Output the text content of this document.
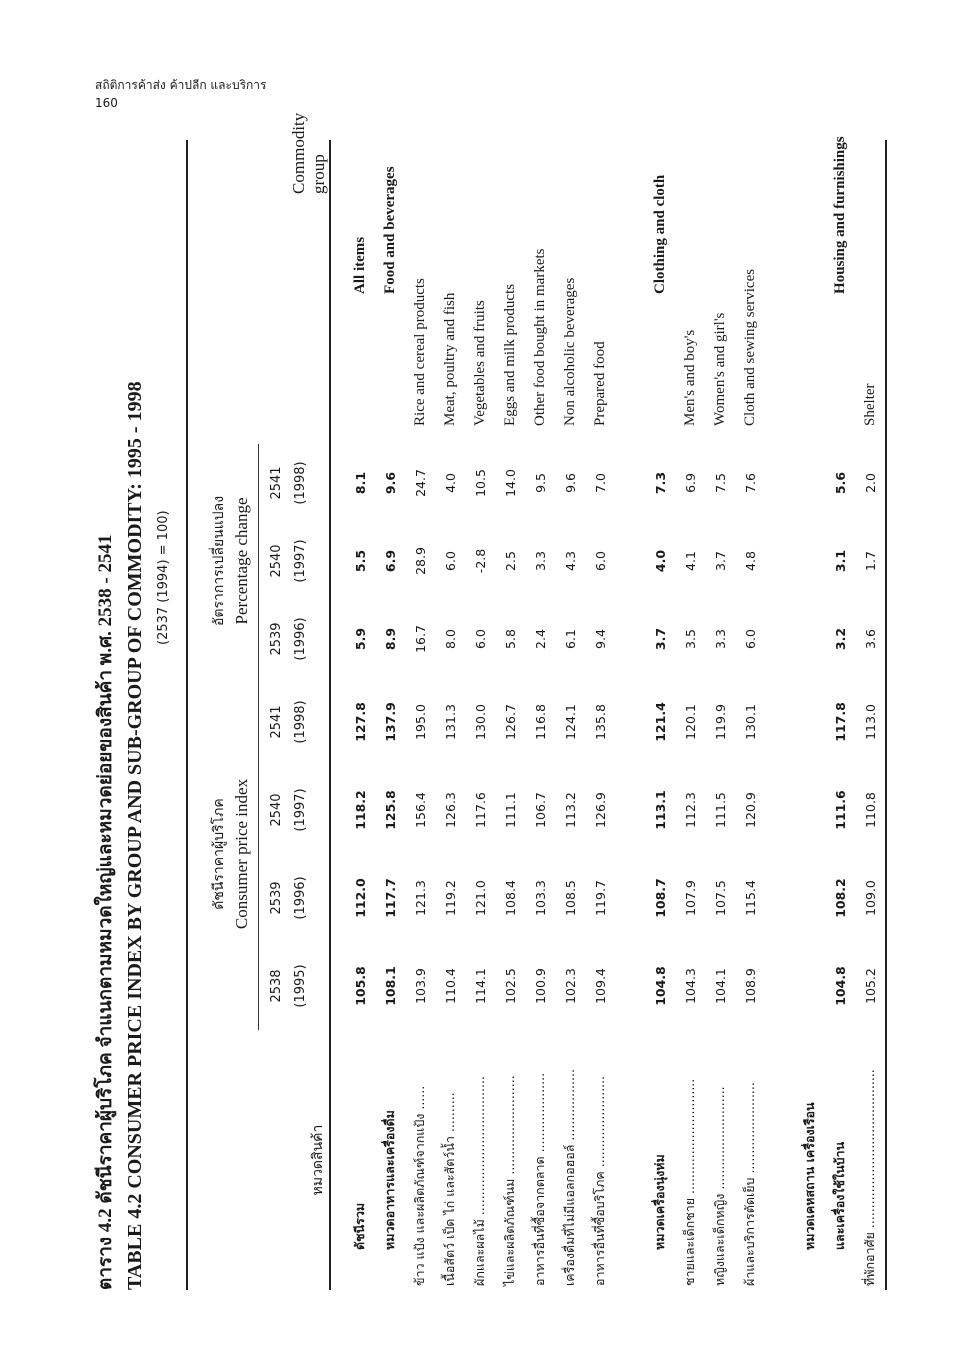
สถิติการค้าส่ง ค้าปลีก และบริการ
160
ตาราง 4.2 ดัชนีราคาผู้บริโภค จำแนกตามหมวดใหญ่และหมวดย่อยของสินค้า พ.ศ. 2538 - 2541 TABLE 4.2 CONSUMER PRICE INDEX BY GROUP AND SUB-GROUP OF COMMODITY: 1995 - 1998 (2537 (1994) = 100)
หมวดสินค้า	ดัชนีราคาผู้บริโภค Consumer price index				อัตราการเปลี่ยนแปลง Percentage change			Commodity group
	2538	2539	2540	2541	2539	2540	2541	
	(1995)	(1996)	(1997)	(1998)	(1996)	(1997)	(1998)	

ดัชนีรวม	105.8	112.0	118.2	127.8	5.9	5.5	8.1	All items
หมวดอาหารและเครื่องดื่ม	108.1	117.7	125.8	137.9	8.9	6.9	9.6	Food and beverages
ข้าว แป้ง และผลิตภัณฑ์จากแป้ง ......	103.9	121.3	156.4	195.0	16.7	28.9	24.7	Rice and cereal products
เนื้อสัตว์ เป็ด ไก่ และสัตว์น้ำ ..........	110.4	119.2	126.3	131.3	8.0	6.0	4.0	Meat, poultry and fish
ผักและผลไม้ ...................................	114.1	121.0	117.6	130.0	6.0	-2.8	10.5	Vegetables and fruits
ไข่และผลิตภัณฑ์นม .........................	102.5	108.4	111.1	126.7	5.8	2.5	14.0	Eggs and milk products
อาหารอื่นที่ซื้อจากตลาด ....................	100.9	103.3	106.7	116.8	2.4	3.3	9.5	Other food bought in markets
เครื่องดื่มที่ไม่มีแอลกอฮอล์ ..................	102.3	108.5	113.2	124.1	6.1	4.3	9.6	Non alcoholic beverages
อาหารอื่นที่ซื้อบริโภค .......................	109.4	119.7	126.9	135.8	9.4	6.0	7.0	Prepared food

หมวดเครื่องนุ่งห่ม	104.8	108.7	113.1	121.4	3.7	4.0	7.3	Clothing and cloth
ชายและเด็กชาย .............................	104.3	107.9	112.3	120.1	3.5	4.1	6.9	Men's and boy's
หญิงและเด็กหญิง ..........................	104.1	107.5	111.5	119.9	3.3	3.7	7.5	Women's and girl's
ผ้าและบริการตัดเย็บ .......................	108.9	115.4	120.9	130.1	6.0	4.8	7.6	Cloth and sewing services

หมวดเคหสถาน เครื่องเรือน								
และเครื่องใช้ในบ้าน	104.8	108.2	111.6	117.8	3.2	3.1	5.6	Housing and furnishings
ที่พักอาศัย ........................................	105.2	109.0	110.8	113.0	3.6	1.7	2.0	Shelter
